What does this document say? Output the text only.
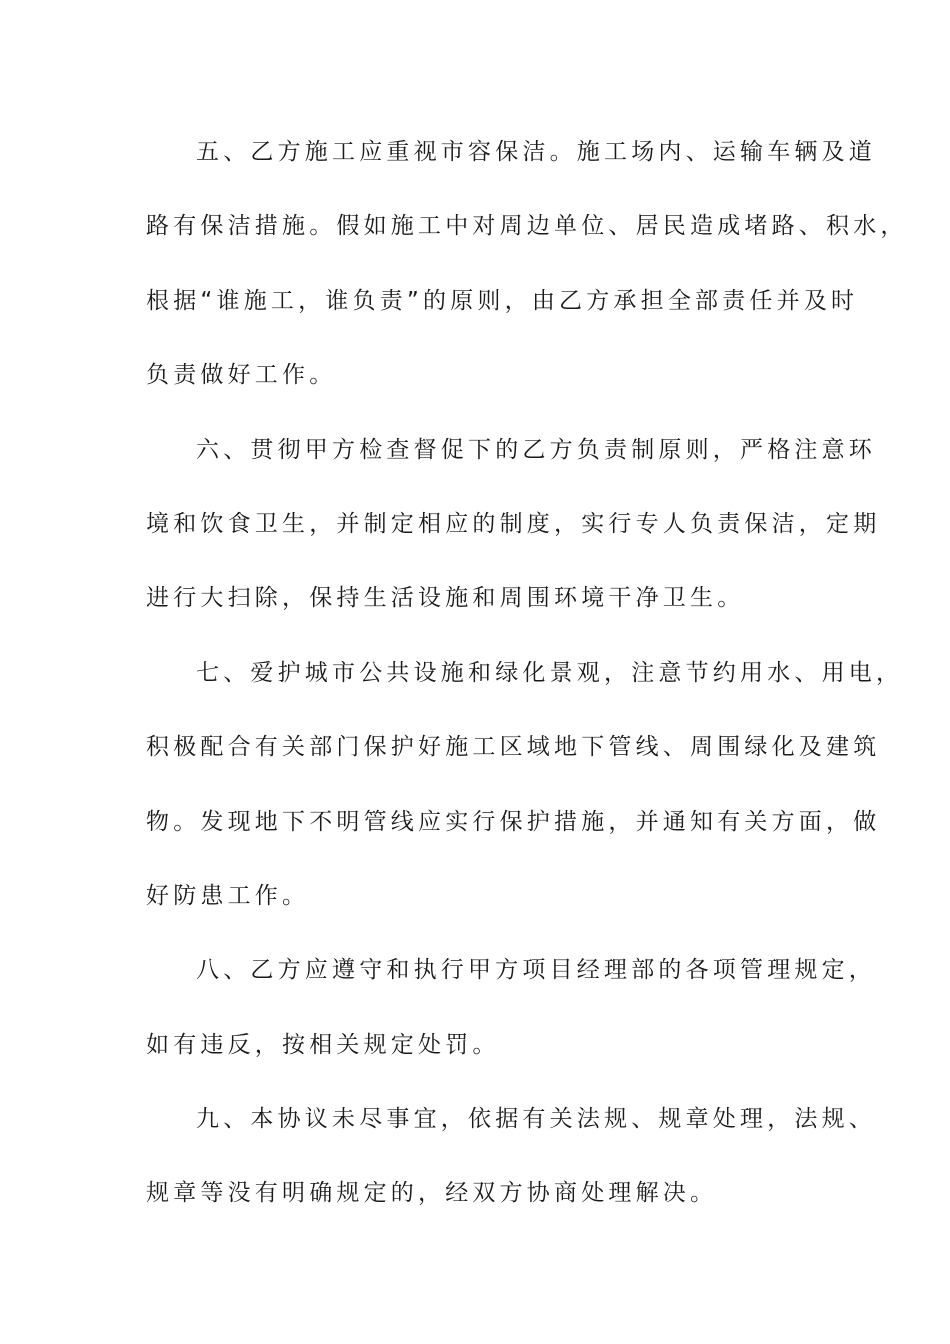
五、乙方施工应重视市容保洁。施工场内、运输车辆及道
路有保洁措施。假如施工中对周边单位、居民造成堵路、积水，
根据“谁施工，谁负责”的原则，由乙方承担全部责任并及时
负责做好工作。
六、贯彻甲方检查督促下的乙方负责制原则，严格注意环
境和饮食卫生，并制定相应的制度，实行专人负责保洁，定期
进行大扫除，保持生活设施和周围环境干净卫生。
七、爱护城市公共设施和绿化景观，注意节约用水、用电，
积极配合有关部门保护好施工区域地下管线、周围绿化及建筑
物。发现地下不明管线应实行保护措施，并通知有关方面，做
好防患工作。
八、乙方应遵守和执行甲方项目经理部的各项管理规定，
如有违反，按相关规定处罚。
九、本协议未尽事宜，依据有关法规、规章处理，法规、
规章等没有明确规定的，经双方协商处理解决。
